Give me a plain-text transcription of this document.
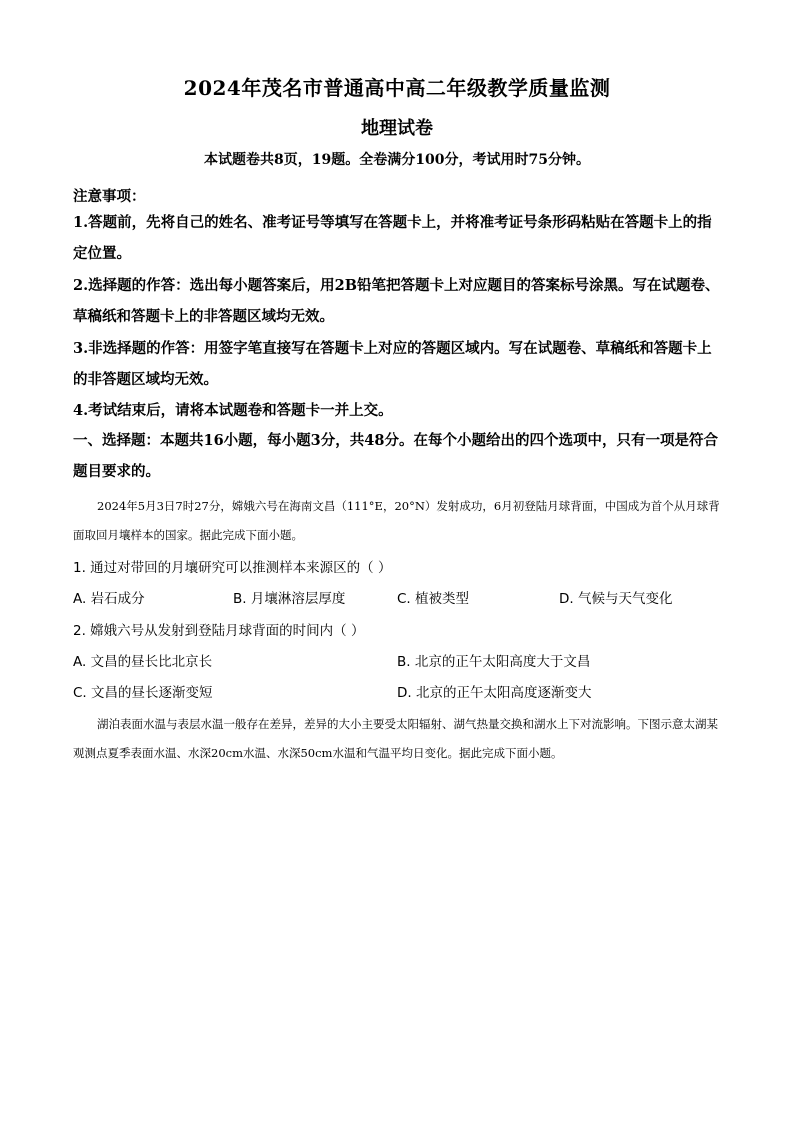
2024年茂名市普通高中高二年级教学质量监测
地理试卷
本试题卷共8页，19题。全卷满分100分，考试用时75分钟。
注意事项：
1.答题前，先将自己的姓名、准考证号等填写在答题卡上，并将准考证号条形码粘贴在答题卡上的指定位置。
2.选择题的作答：选出每小题答案后，用2B铅笔把答题卡上对应题目的答案标号涂黑。写在试题卷、草稿纸和答题卡上的非答题区域均无效。
3.非选择题的作答：用签字笔直接写在答题卡上对应的答题区域内。写在试题卷、草稿纸和答题卡上的非答题区域均无效。
4.考试结束后，请将本试题卷和答题卡一并上交。
一、选择题：本题共16小题，每小题3分，共48分。在每个小题给出的四个选项中，只有一项是符合题目要求的。
2024年5月3日7时27分，嫦娥六号在海南文昌（111°E，20°N）发射成功，6月初登陆月球背面，中国成为首个从月球背面取回月壤样本的国家。据此完成下面小题。
1. 通过对带回的月壤研究可以推测样本来源区的（ ）
A. 岩石成分	B. 月壤淋溶层厚度	C. 植被类型	D. 气候与天气变化
2. 嫦娥六号从发射到登陆月球背面的时间内（ ）
A. 文昌的昼长比北京长	B. 北京的正午太阳高度大于文昌
C. 文昌的昼长逐渐变短	D. 北京的正午太阳高度逐渐变大
湖泊表面水温与表层水温一般存在差异，差异的大小主要受太阳辐射、湖气热量交换和湖水上下对流影响。下图示意太湖某观测点夏季表面水温、水深20cm水温、水深50cm水温和气温平均日变化。据此完成下面小题。
